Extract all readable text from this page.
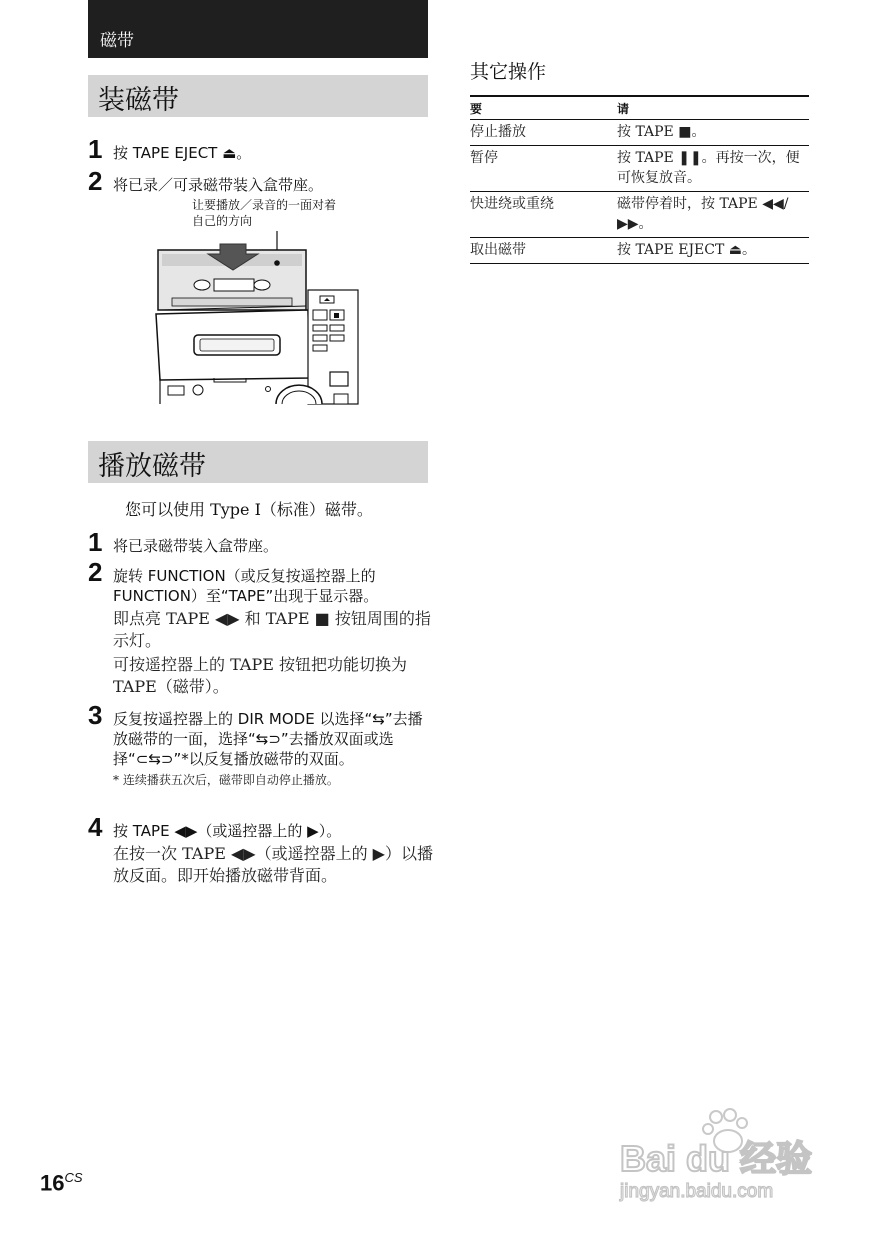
磁带
装磁带
1 按 TAPE EJECT ⏏。
2 将已录／可录磁带装入盒带座。
让要播放／录音的一面对着
自己的方向
其它操作
要	请
停止播放	按 TAPE ■。
暂停	按 TAPE ❚❚。再按一次，便可恢复放音。
快进绕或重绕	磁带停着时，按 TAPE ◀◀/▶▶。
取出磁带	按 TAPE EJECT ⏏。
播放磁带
您可以使用 Type Ⅰ（标准）磁带。
1 将已录磁带装入盒带座。
2 旋转 FUNCTION（或反复按遥控器上的 FUNCTION）至“TAPE”出现于显示器。
即点亮 TAPE ◀▶ 和 TAPE ■ 按钮周围的指示灯。
可按遥控器上的 TAPE 按钮把功能切换为 TAPE（磁带）。
3 反复按遥控器上的 DIR MODE 以选择“⇆”去播放磁带的一面，选择“⇆⊃”去播放双面或选择“⊂⇆⊃”*以反复播放磁带的双面。
* 连续播获五次后，磁带即自动停止播放。
4 按 TAPE ◀▶（或遥控器上的 ▶）。
在按一次 TAPE ◀▶（或遥控器上的 ▶）以播放反面。即开始播放磁带背面。
$16^{CS}$	Bai du 经验
jingyan.baidu.com
